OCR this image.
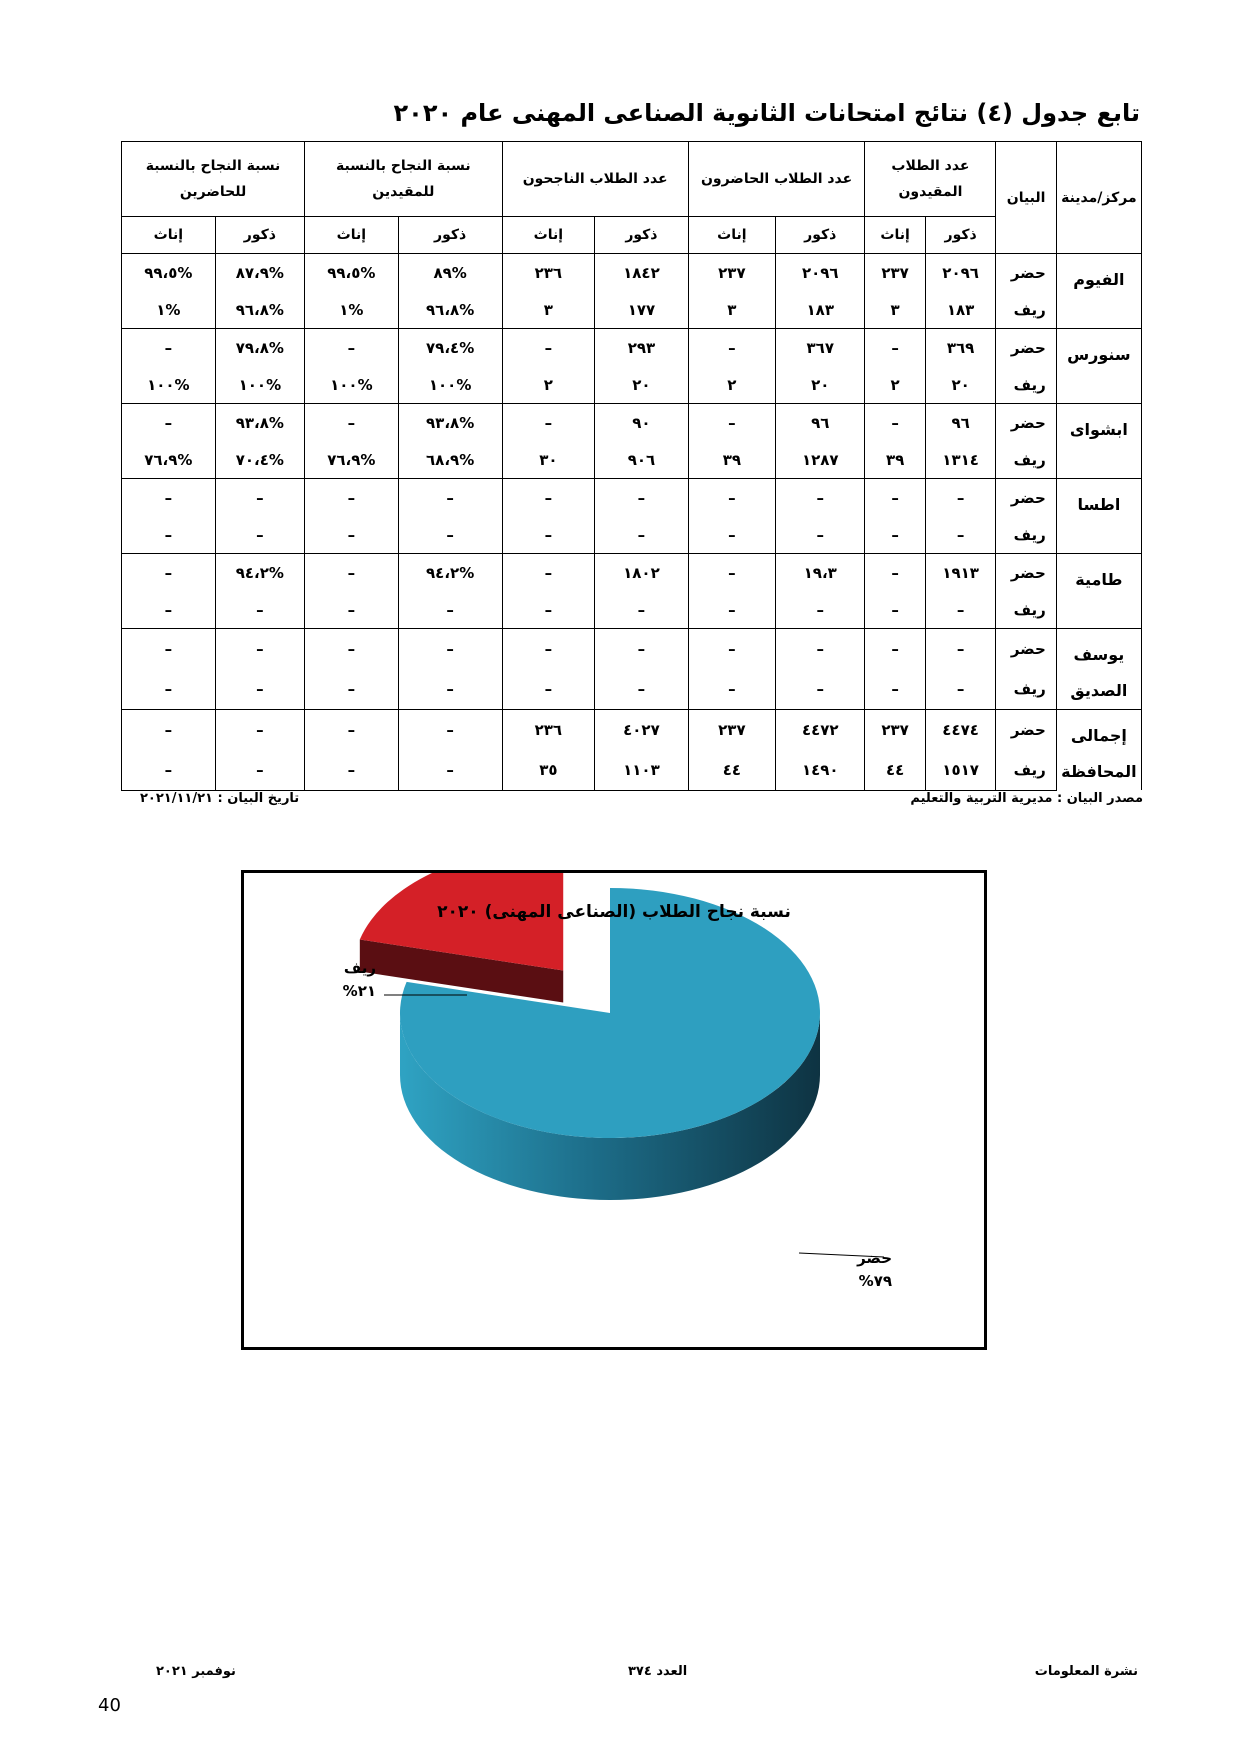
تابع جدول (٤) نتائج امتحانات الثانوية الصناعى المهنى عام ٢٠٢٠
مركز/مدينة	البيان	عدد الطلاب المقيدون		عدد الطلاب الحاضرون		عدد الطلاب الناجحون		نسبة النجاح بالنسبة للمقيدين		نسبة النجاح بالنسبة للحاضرين	
		ذكور	إناث	ذكور	إناث	ذكور	إناث	ذكور	إناث	ذكور	إناث
الفيوم	حضر	٢٠٩٦	٢٣٧	٢٠٩٦	٢٣٧	١٨٤٢	٢٣٦	%٨٩	%٩٩،٥	%٨٧،٩	%٩٩،٥
	ريف	١٨٣	٣	١٨٣	٣	١٧٧	٣	%٩٦،٨	%١	%٩٦،٨	%١
سنورس	حضر	٣٦٩	–	٣٦٧	–	٢٩٣	–	%٧٩،٤	–	%٧٩،٨	–
	ريف	٢٠	٢	٢٠	٢	٢٠	٢	%١٠٠	%١٠٠	%١٠٠	%١٠٠
ابشواى	حضر	٩٦	–	٩٦	–	٩٠	–	%٩٣،٨	–	%٩٣،٨	–
	ريف	١٣١٤	٣٩	١٢٨٧	٣٩	٩٠٦	٣٠	%٦٨،٩	%٧٦،٩	%٧٠،٤	%٧٦،٩
اطسا	حضر	–	–	–	–	–	–	–	–	–	–
	ريف	–	–	–	–	–	–	–	–	–	–
طامية	حضر	١٩١٣	–	١٩،٣	–	١٨٠٢	–	%٩٤،٢	–	%٩٤،٢	–
	ريف	–	–	–	–	–	–	–	–	–	–
يوسف الصديق	حضر	–	–	–	–	–	–	–	–	–	–
	ريف	–	–	–	–	–	–	–	–	–	–
إجمالى المحافظة	حضر	٤٤٧٤	٢٣٧	٤٤٧٢	٢٣٧	٤٠٢٧	٢٣٦	–	–	–	–
	ريف	١٥١٧	٤٤	١٤٩٠	٤٤	١١٠٣	٣٥	–	–	–	–
مصدر البيان : مديرية التربية والتعليم
تاريخ البيان : ٢٠٢١/١١/٢١
نسبة نجاح الطلاب (الصناعى المهنى) ٢٠٢٠
ريف
%٢١
حضر
%٧٩
نشرة المعلومات
العدد ٣٧٤
نوفمبر ٢٠٢١
40
